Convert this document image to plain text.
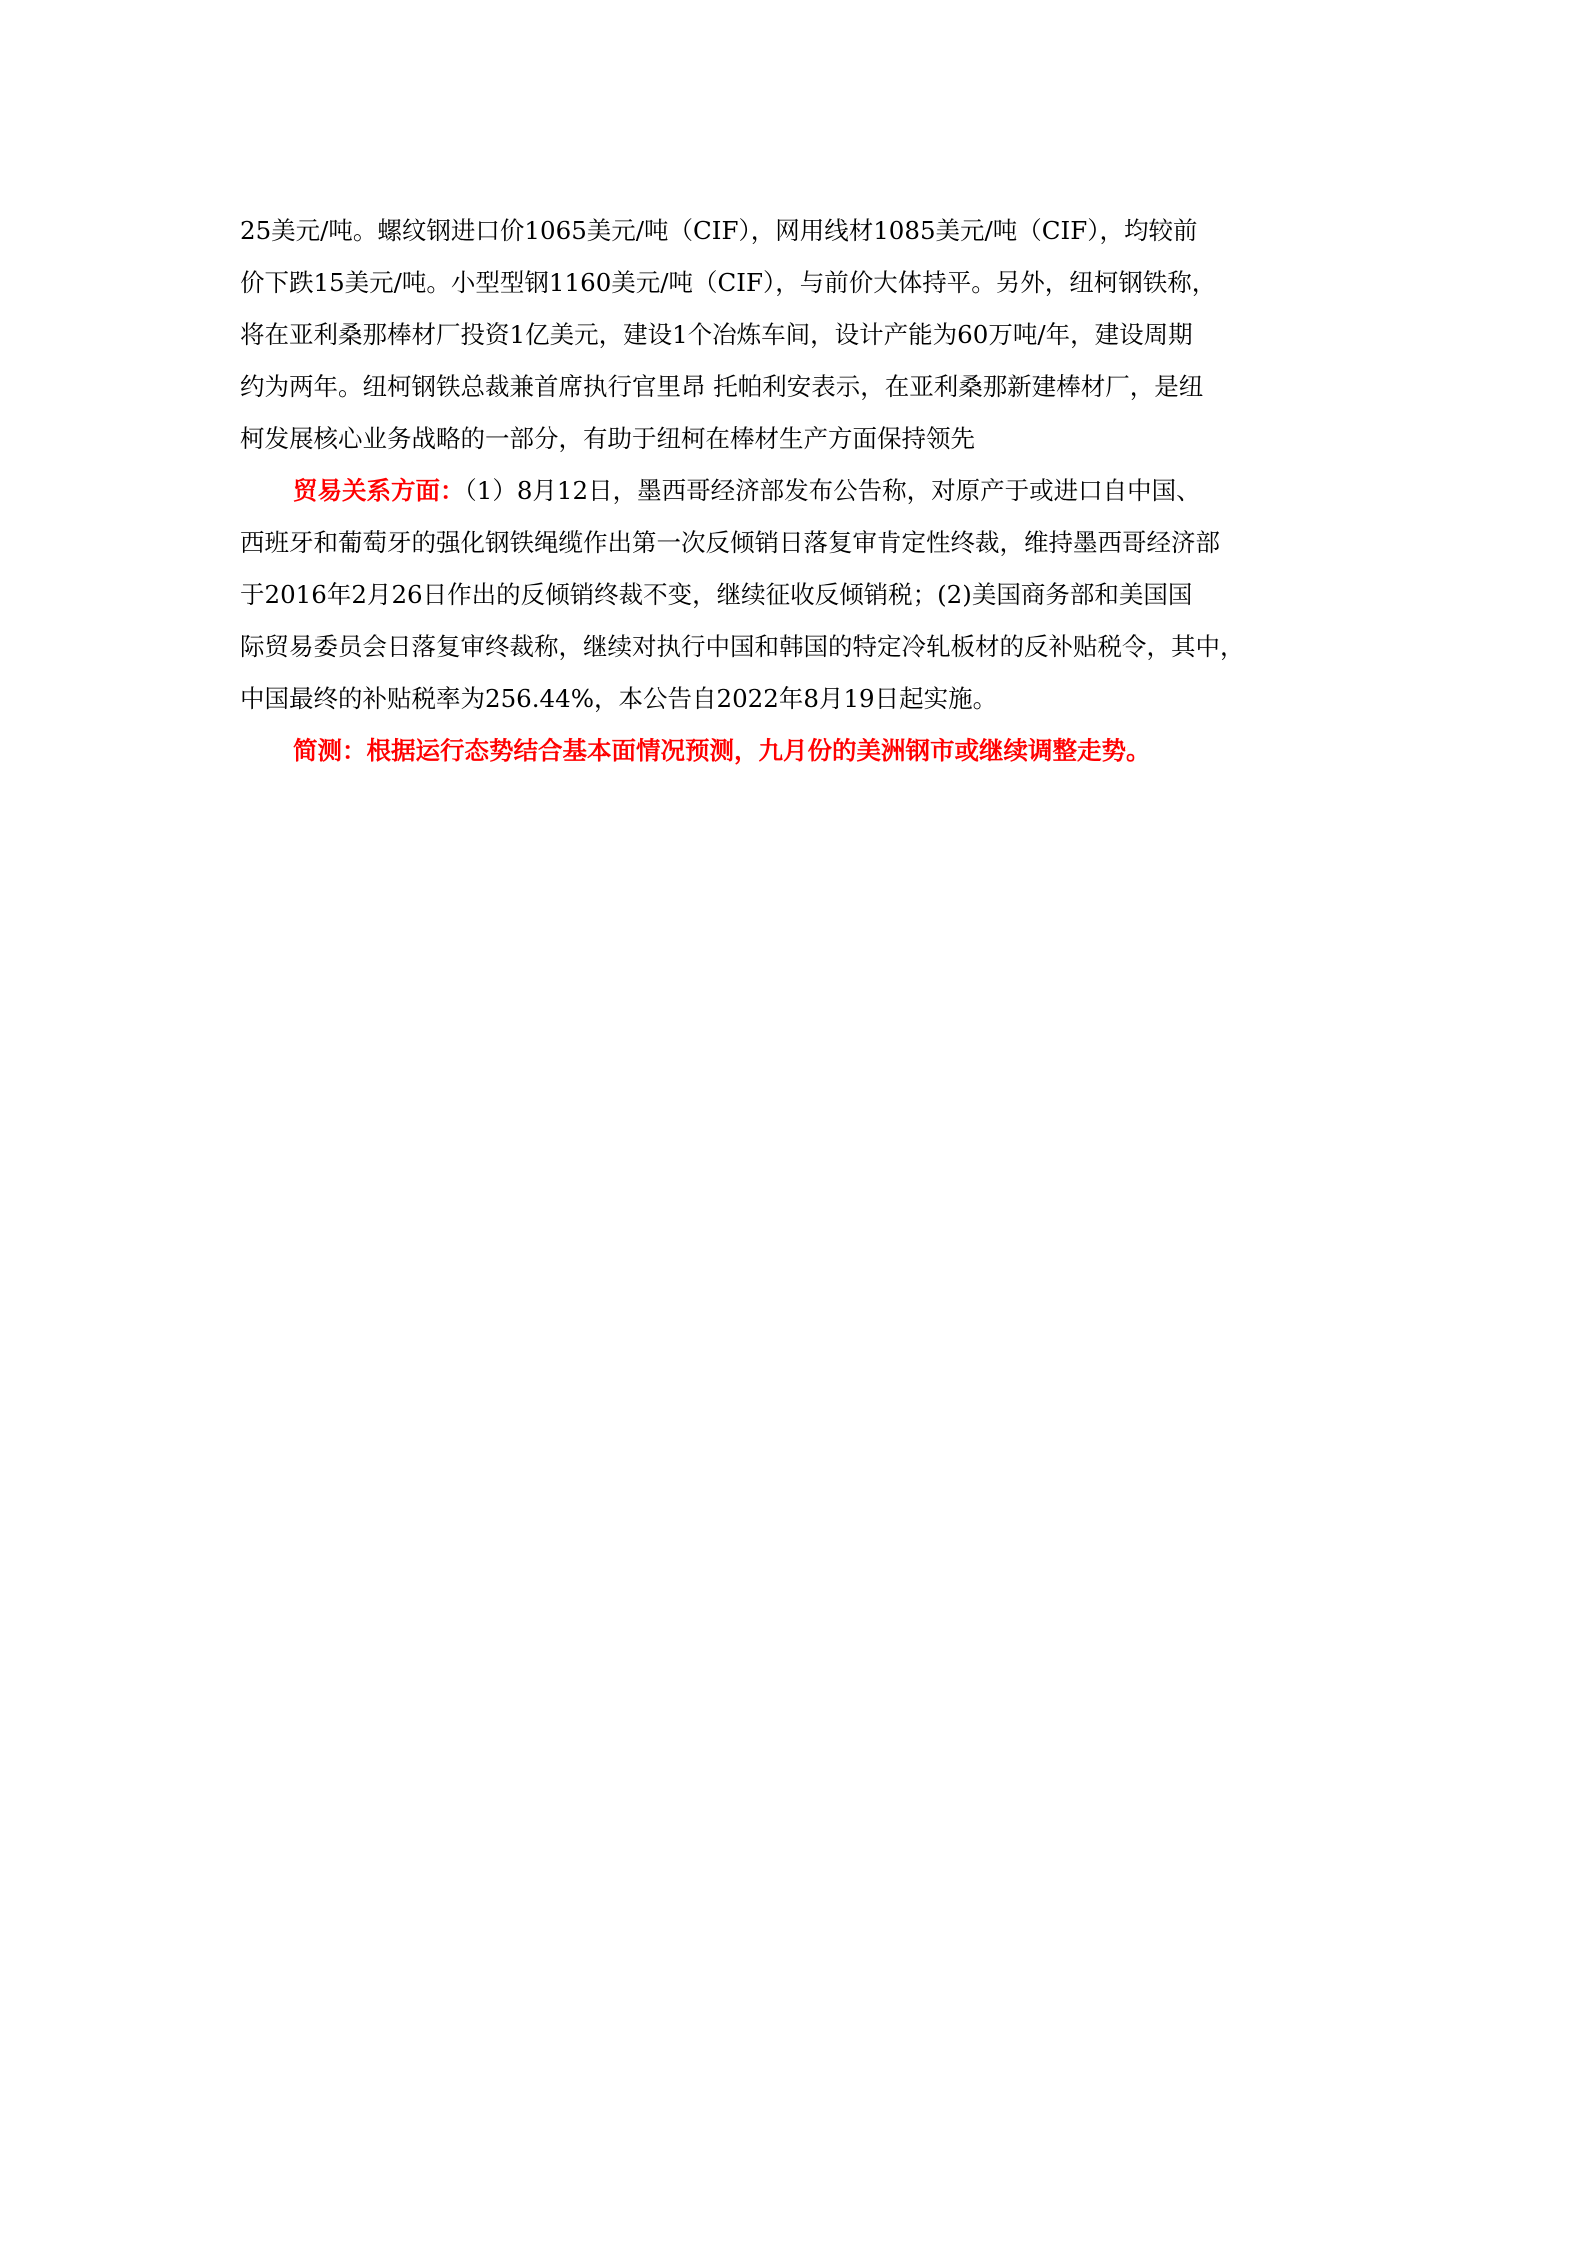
25美元/吨。螺纹钢进口价1065美元/吨（CIF），网用线材1085美元/吨（CIF），均较前
价下跌15美元/吨。小型型钢1160美元/吨（CIF），与前价大体持平。另外，纽柯钢铁称，
将在亚利桑那棒材厂投资1亿美元，建设1个冶炼车间，设计产能为60万吨/年，建设周期
约为两年。纽柯钢铁总裁兼首席执行官里昂 托帕利安表示，在亚利桑那新建棒材厂，是纽
柯发展核心业务战略的一部分，有助于纽柯在棒材生产方面保持领先
贸易关系方面：（1）8月12日，墨西哥经济部发布公告称，对原产于或进口自中国、
西班牙和葡萄牙的强化钢铁绳缆作出第一次反倾销日落复审肯定性终裁，维持墨西哥经济部
于2016年2月26日作出的反倾销终裁不变，继续征收反倾销税；(2)美国商务部和美国国
际贸易委员会日落复审终裁称，继续对执行中国和韩国的特定冷轧板材的反补贴税令，其中，
中国最终的补贴税率为256.44%，本公告自2022年8月19日起实施。
简测：根据运行态势结合基本面情况预测，九月份的美洲钢市或继续调整走势。
